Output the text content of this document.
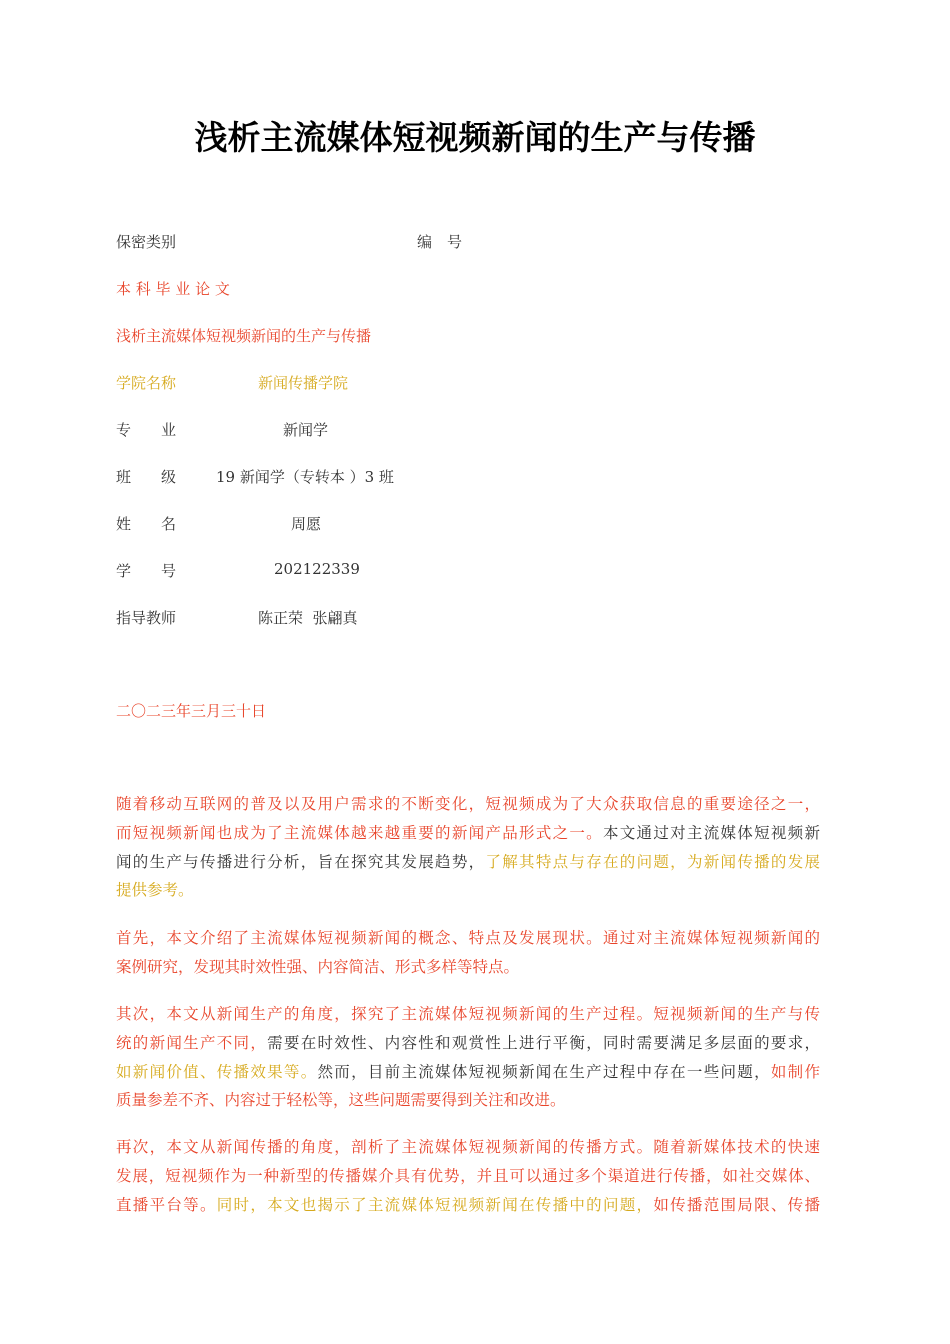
浅析主流媒体短视频新闻的生产与传播
保密类别	编　号
本 科 毕 业 论 文
浅析主流媒体短视频新闻的生产与传播
学院名称	新闻传播学院
专　　业	新闻学
班　　级	19 新闻学（专转本 ）3 班
姓　　名	周愿
学　　号	202122339
指导教师	陈正荣  张翩真
二〇二三年三月三十日
随着移动互联网的普及以及用户需求的不断变化，短视频成为了大众获取信息的重要途径之一，
而短视频新闻也成为了主流媒体越来越重要的新闻产品形式之一。本文通过对主流媒体短视频新
闻的生产与传播进行分析，旨在探究其发展趋势，了解其特点与存在的问题，为新闻传播的发展
提供参考。
首先，本文介绍了主流媒体短视频新闻的概念、特点及发展现状。通过对主流媒体短视频新闻的
案例研究，发现其时效性强、内容简洁、形式多样等特点。
其次，本文从新闻生产的角度，探究了主流媒体短视频新闻的生产过程。短视频新闻的生产与传
统的新闻生产不同，需要在时效性、内容性和观赏性上进行平衡，同时需要满足多层面的要求，
如新闻价值、传播效果等。然而，目前主流媒体短视频新闻在生产过程中存在一些问题，如制作
质量参差不齐、内容过于轻松等，这些问题需要得到关注和改进。
再次，本文从新闻传播的角度，剖析了主流媒体短视频新闻的传播方式。随着新媒体技术的快速
发展，短视频作为一种新型的传播媒介具有优势，并且可以通过多个渠道进行传播，如社交媒体、
直播平台等。同时，本文也揭示了主流媒体短视频新闻在传播中的问题，如传播范围局限、传播
